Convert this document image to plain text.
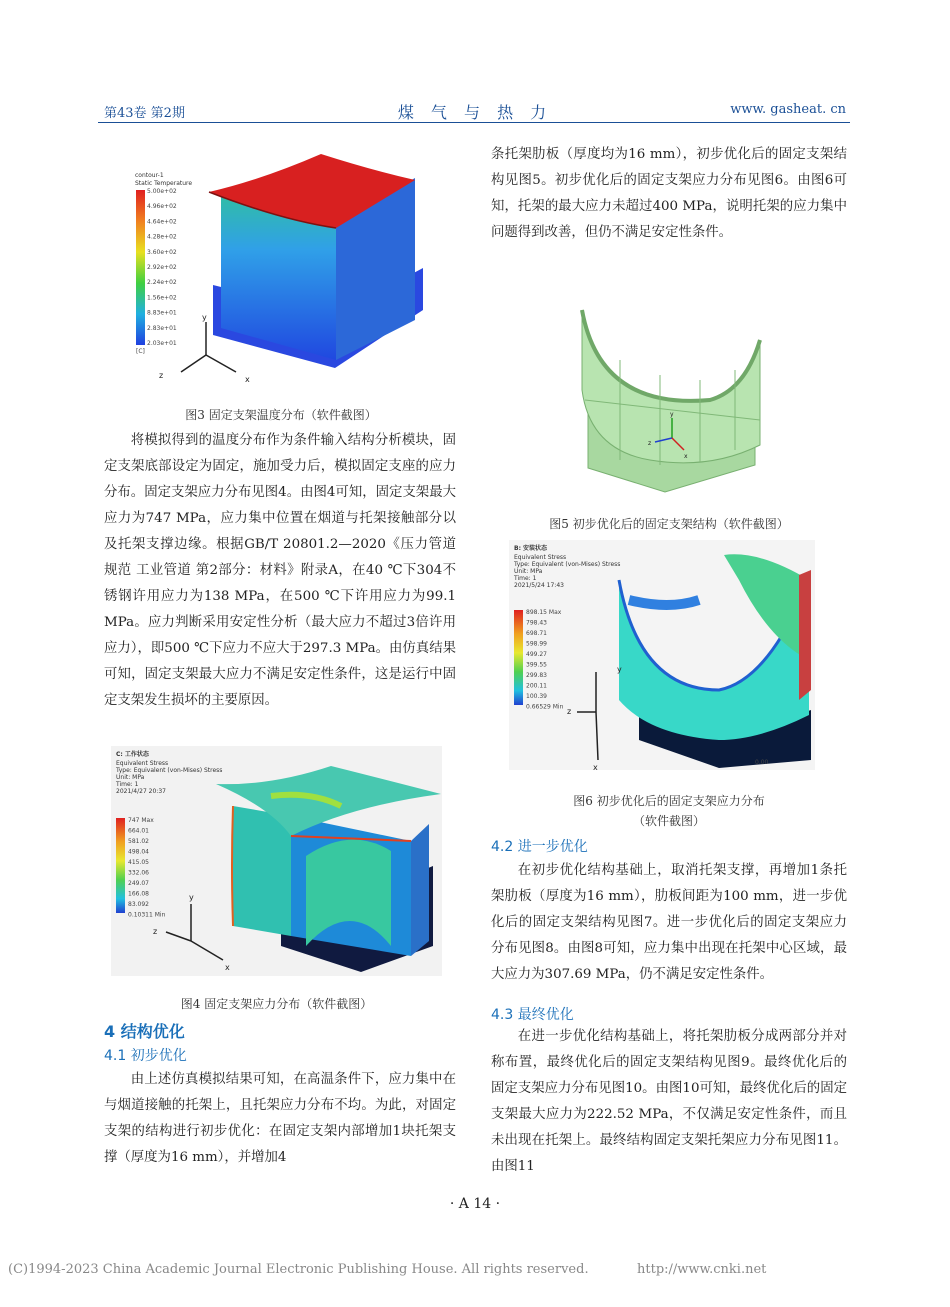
第43卷 第2期	煤 气 与 热 力	www. gasheat. cn
contour-1
Static Temperature
5.00e+02
4.96e+02
4.64e+02
4.28e+02
3.60e+02
2.92e+02
2.24e+02
1.56e+02
8.83e+01
2.83e+01
2.03e+01
[C]
y
z	x
图3 固定支架温度分布（软件截图）

将模拟得到的温度分布作为条件输入结构分析模块，固定支架底部设定为固定，施加受力后，模拟固定支座的应力分布。固定支架应力分布见图4。由图4可知，固定支架最大应力为747 MPa，应力集中位置在烟道与托架接触部分以及托架支撑边缘。根据GB/T 20801.2—2020《压力管道规范 工业管道 第2部分：材料》附录A，在40 ℃下304不锈钢许用应力为138 MPa，在500 ℃下许用应力为99.1 MPa。应力判断采用安定性分析（最大应力不超过3倍许用应力），即500 ℃下应力不应大于297.3 MPa。由仿真结果可知，固定支架最大应力不满足安定性条件，这是运行中固定支架发生损坏的主要原因。

C: 工作状态
Equivalent Stress
Type: Equivalent (von-Mises) Stress
Unit: MPa
Time: 1
2021/4/27 20:37
747 Max
664.01
581.02
498.04
415.05
332.06
249.07
166.08
83.092
0.10311 Min
y
z
x
图4 固定支架应力分布（软件截图）
4 结构优化
4.1 初步优化

由上述仿真模拟结果可知，在高温条件下，应力集中在与烟道接触的托架上，且托架应力分布不均。为此，对固定支架的结构进行初步优化：在固定支架内部增加1块托架支撑（厚度为16 mm），并增加4

条托架肋板（厚度均为16 mm），初步优化后的固定支架结构见图5。初步优化后的固定支架应力分布见图6。由图6可知，托架的最大应力未超过400 MPa，说明托架的应力集中问题得到改善，但仍不满足安定性条件。

y
z
x
图5 初步优化后的固定支架结构（软件截图）
B: 安装状态
Equivalent Stress
Type: Equivalent (von-Mises) Stress
Unit: MPa
Time: 1
2021/5/24 17:43
898.15 Max
798.43
698.71
598.99
499.27
399.55
299.83
200.11
100.39
0.66529 Min
y
z
x
0.00
图6 初步优化后的固定支架应力分布
（软件截图）
4.2 进一步优化

在初步优化结构基础上，取消托架支撑，再增加1条托架肋板（厚度为16 mm），肋板间距为100 mm，进一步优化后的固定支架结构见图7。进一步优化后的固定支架应力分布见图8。由图8可知，应力集中出现在托架中心区域，最大应力为307.69 MPa，仍不满足安定性条件。

4.3 最终优化

在进一步优化结构基础上，将托架肋板分成两部分并对称布置，最终优化后的固定支架结构见图9。最终优化后的固定支架应力分布见图10。由图10可知，最终优化后的固定支架最大应力为222.52 MPa，不仅满足安定性条件，而且未出现在托架上。最终结构固定支架托架应力分布见图11。由图11

· A 14 ·
(C)1994-2023 China Academic Journal Electronic Publishing House. All rights reserved.	http://www.cnki.net
